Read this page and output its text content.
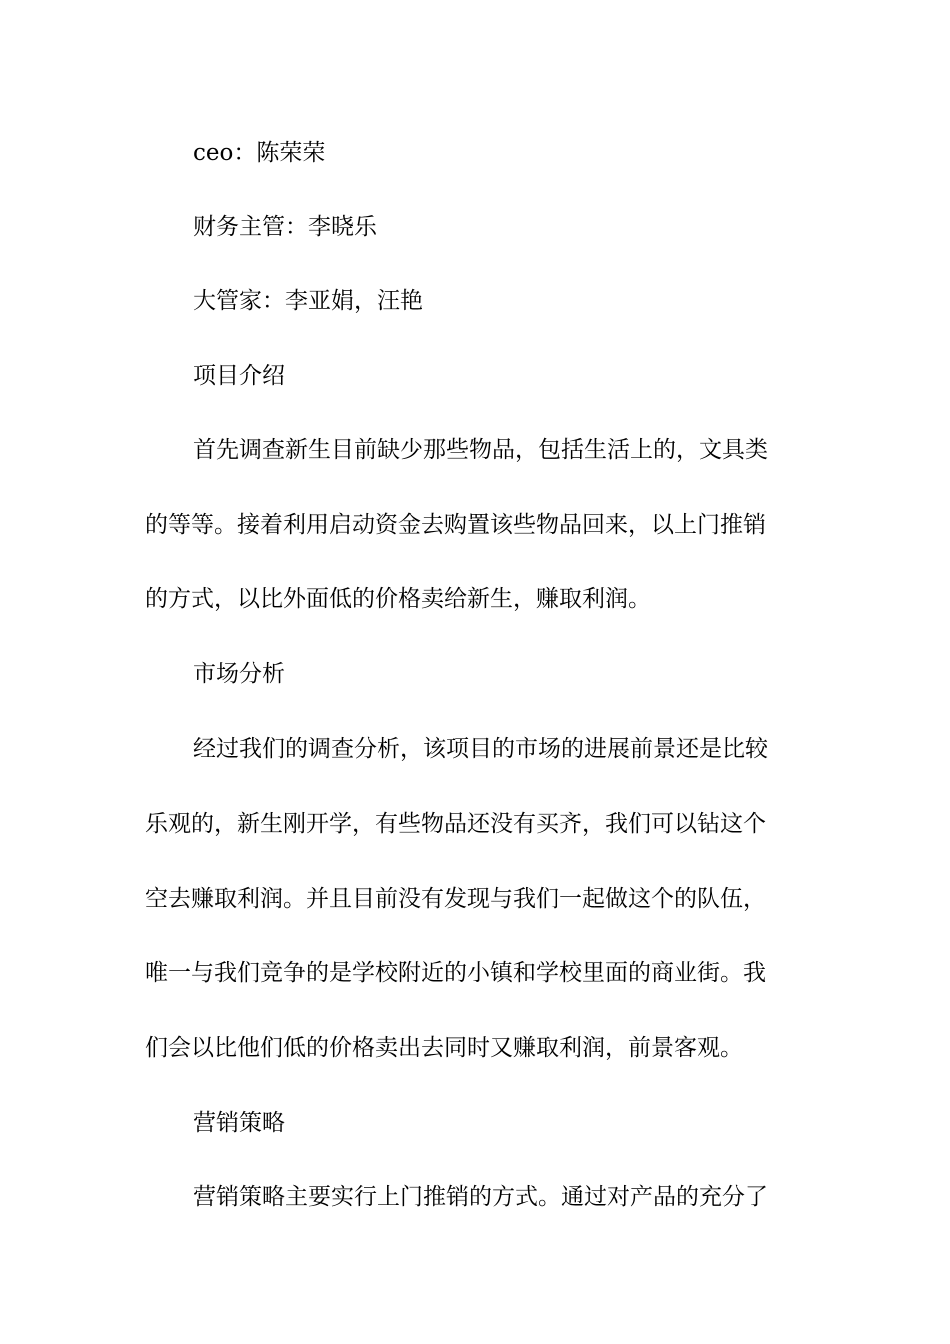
ceo：陈荣荣
财务主管：李晓乐
大管家：李亚娟，汪艳
项目介绍
首先调查新生目前缺少那些物品，包括生活上的，文具类
的等等。接着利用启动资金去购置该些物品回来，以上门推销
的方式，以比外面低的价格卖给新生，赚取利润。
市场分析
经过我们的调查分析，该项目的市场的进展前景还是比较
乐观的，新生刚开学，有些物品还没有买齐，我们可以钻这个
空去赚取利润。并且目前没有发现与我们一起做这个的队伍，
唯一与我们竞争的是学校附近的小镇和学校里面的商业街。我
们会以比他们低的价格卖出去同时又赚取利润，前景客观。
营销策略
营销策略主要实行上门推销的方式。通过对产品的充分了
